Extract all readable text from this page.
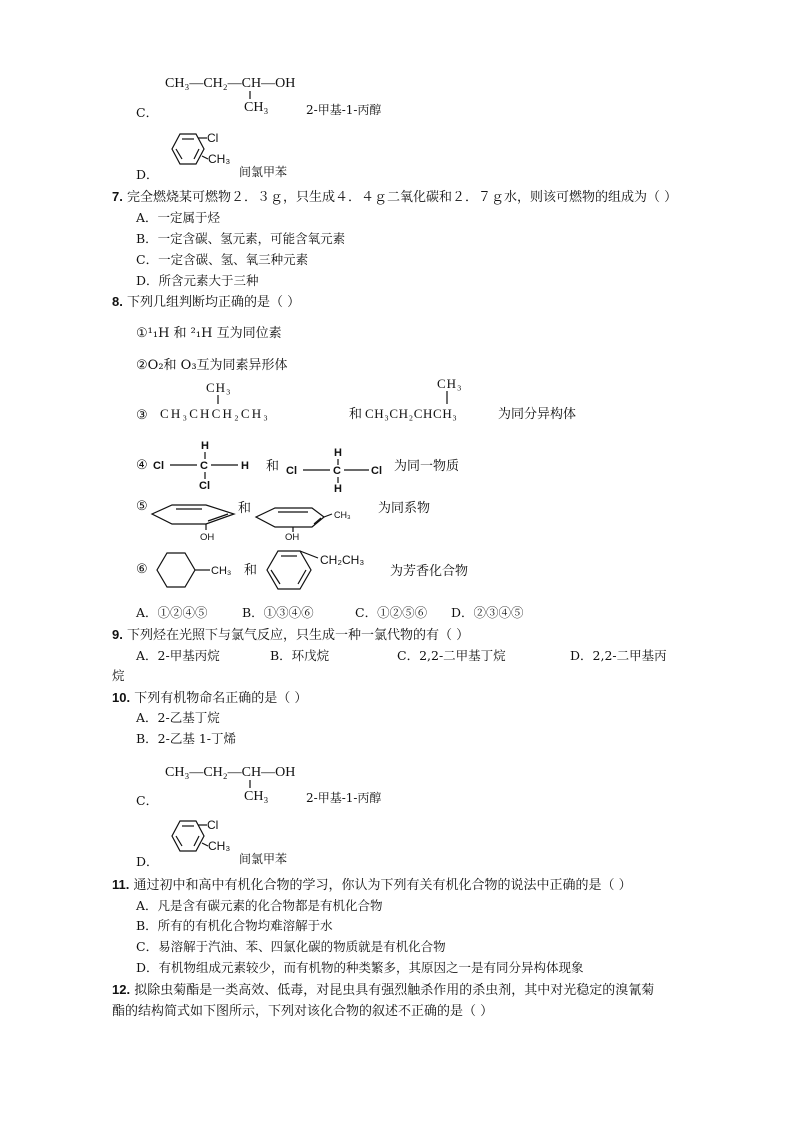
CH₃—CH₂—CH—OH
CH₃
C．	2-甲基-1-丙醇
Cl
CH₃
D．	间氯甲苯
7. 完全燃烧某可燃物２．３ｇ，只生成４．４ｇ二氧化碳和２．７ｇ水，则该可燃物的组成为（ ）
A．一定属于烃
B．一定含碳、氢元素，可能含氧元素
C．一定含碳、氢、氧三种元素
D．所含元素大于三种
8. 下列几组判断均正确的是（ ）
①¹₁H 和 ²₁H 互为同位素
②O₂和 O₃互为同素异形体
③
CH₃
CH₃CHCH₂CH₃	和
CH₃
CH₃CH₂CHCH₃	为同分异构体
④
H
Cl	C	H
Cl
和
H
Cl	C	Cl
H
为同一物质
⑤
OH
和	CH₃
OH
为同系物
⑥	CH₃ 和
CH₂CH₃
为芳香化合物
A．①②④⑤	B．①③④⑥	C．①②⑤⑥ D．②③④⑤
9. 下列烃在光照下与氯气反应，只生成一种一氯代物的有（ ）
A．2-甲基丙烷	B．环戊烷	C．2,2-二甲基丁烷	D．2,2-二甲基丙
烷
10. 下列有机物命名正确的是（ ）
A．2-乙基丁烷
B．2-乙基 1-丁烯
CH₃—CH₂—CH—OH
CH₃
C．	2-甲基-1-丙醇
Cl
CH₃
D．	间氯甲苯
11. 通过初中和高中有机化合物的学习，你认为下列有关有机化合物的说法中正确的是（ ）
A．凡是含有碳元素的化合物都是有机化合物
B．所有的有机化合物均难溶解于水
C．易溶解于汽油、苯、四氯化碳的物质就是有机化合物
D．有机物组成元素较少，而有机物的种类繁多，其原因之一是有同分异构体现象
12. 拟除虫菊酯是一类高效、低毒，对昆虫具有强烈触杀作用的杀虫剂，其中对光稳定的溴氰菊
酯的结构简式如下图所示，下列对该化合物的叙述不正确的是（ ）
